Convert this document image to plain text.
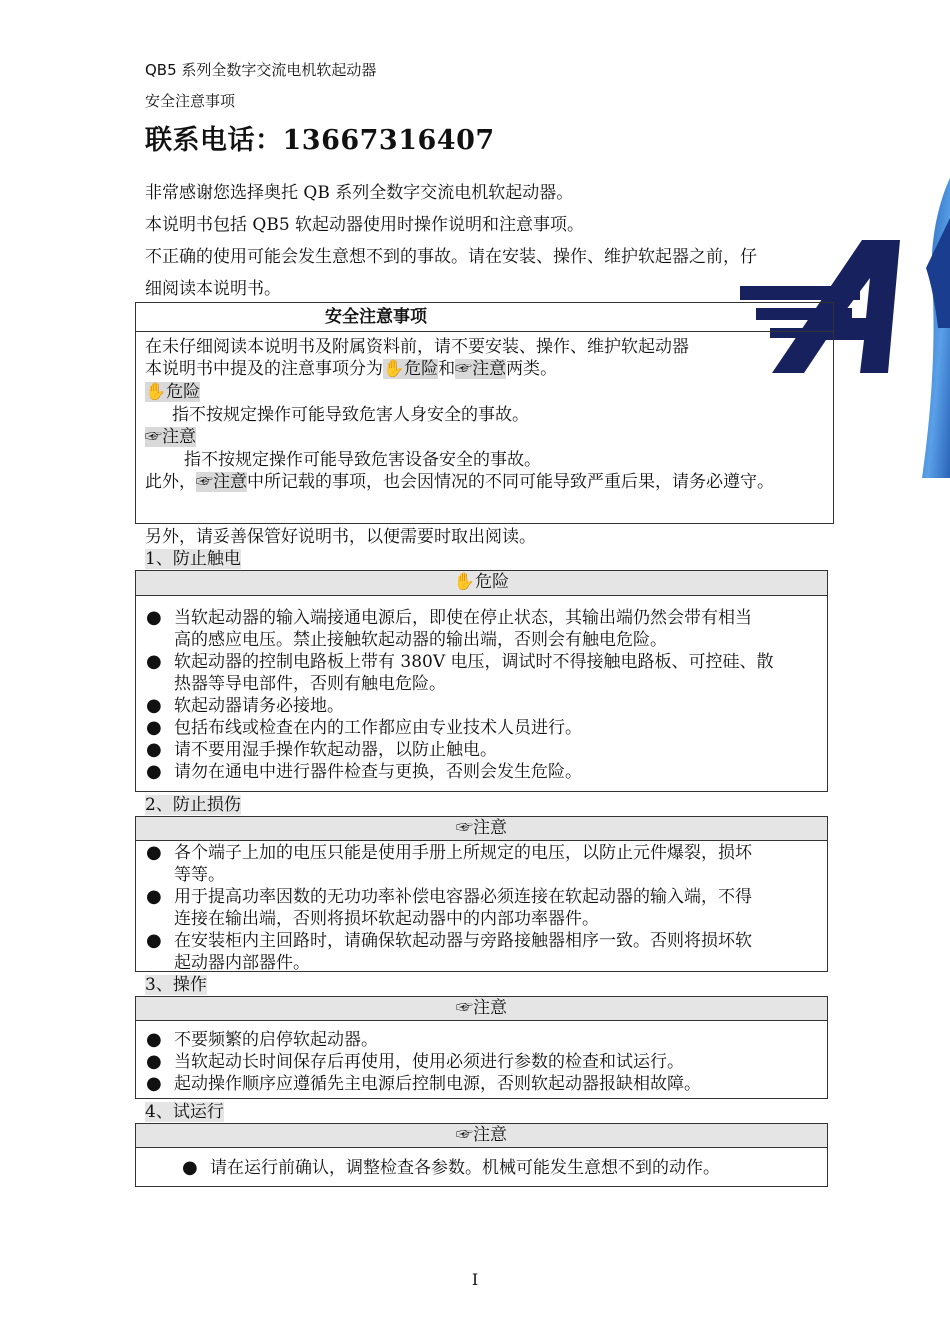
QB5 系列全数字交流电机软起动器
安全注意事项
联系电话：13667316407
非常感谢您选择奥托 QB 系列全数字交流电机软起动器。
本说明书包括 QB5 软起动器使用时操作说明和注意事项。
不正确的使用可能会发生意想不到的事故。请在安装、操作、维护软起器之前，仔
细阅读本说明书。
安全注意事项
在未仔细阅读本说明书及附属资料前，请不要安装、操作、维护软起动器
本说明书中提及的注意事项分为✋危险和☞注意两类。
✋危险
指不按规定操作可能导致危害人身安全的事故。
☞注意
指不按规定操作可能导致危害设备安全的事故。
此外，☞注意中所记载的事项，也会因情况的不同可能导致严重后果，请务必遵守。
另外，请妥善保管好说明书，以便需要时取出阅读。
1、防止触电
✋危险
● 当软起动器的输入端接通电源后，即使在停止状态，其输出端仍然会带有相当
高的感应电压。禁止接触软起动器的输出端，否则会有触电危险。
● 软起动器的控制电路板上带有 380V 电压，调试时不得接触电路板、可控硅、散
热器等导电部件，否则有触电危险。
● 软起动器请务必接地。
● 包括布线或检查在内的工作都应由专业技术人员进行。
● 请不要用湿手操作软起动器，以防止触电。
● 请勿在通电中进行器件检查与更换，否则会发生危险。
2、防止损伤
☞注意
● 各个端子上加的电压只能是使用手册上所规定的电压，以防止元件爆裂，损坏
等等。
● 用于提高功率因数的无功功率补偿电容器必须连接在软起动器的输入端，不得
连接在输出端，否则将损坏软起动器中的内部功率器件。
● 在安装柜内主回路时，请确保软起动器与旁路接触器相序一致。否则将损坏软
起动器内部器件。
3、操作
☞注意
● 不要频繁的启停软起动器。
● 当软起动长时间保存后再使用，使用必须进行参数的检查和试运行。
● 起动操作顺序应遵循先主电源后控制电源，否则软起动器报缺相故障。
4、试运行
☞注意
● 请在运行前确认，调整检查各参数。机械可能发生意想不到的动作。
I
